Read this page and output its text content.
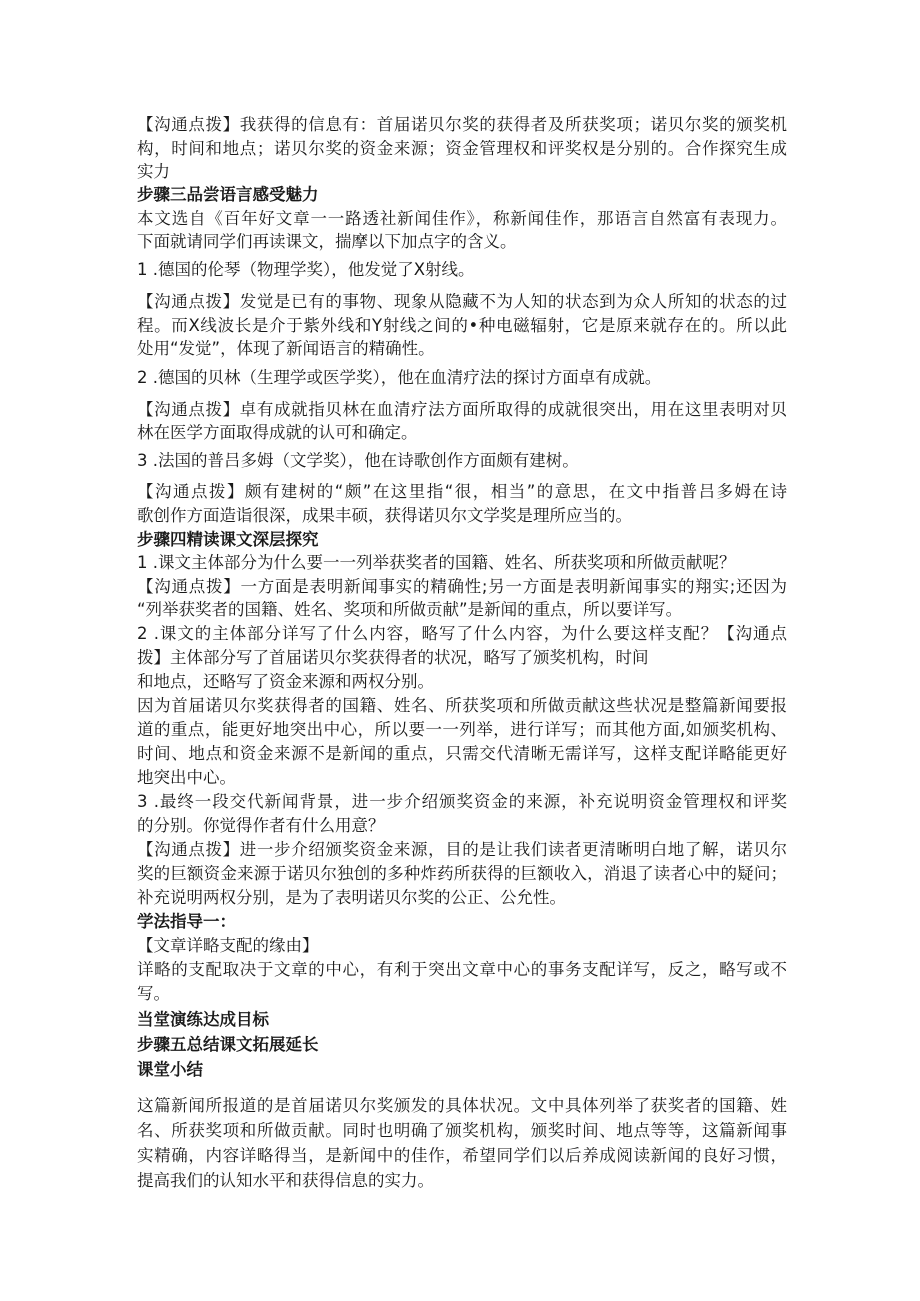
【沟通点拨】我获得的信息有：首届诺贝尔奖的获得者及所获奖项；诺贝尔奖的颁奖机
构，时间和地点；诺贝尔奖的资金来源；资金管理权和评奖权是分别的。合作探究生成
实力
步骤三品尝语言感受魅力
本文选自《百年好文章一一路透社新闻佳作》，称新闻佳作，那语言自然富有表现力。
下面就请同学们再读课文，揣摩以下加点字的含义。
1 .德国的伦琴（物理学奖），他发觉了X射线。
【沟通点拨】发觉是已有的事物、现象从隐藏不为人知的状态到为众人所知的状态的过
程。而X线波长是介于紫外线和Y射线之间的•种电磁辐射，它是原来就存在的。所以此
处用“发觉”，体现了新闻语言的精确性。
2 .德国的贝林（生理学或医学奖），他在血清疗法的探讨方面卓有成就。
【沟通点拨】卓有成就指贝林在血清疗法方面所取得的成就很突出，用在这里表明对贝
林在医学方面取得成就的认可和确定。
3 .法国的普吕多姆（文学奖），他在诗歌创作方面颇有建树。
【沟通点拨】颇有建树的“颇”在这里指“很，相当”的意思，在文中指普吕多姆在诗
歌创作方面造诣很深，成果丰硕，获得诺贝尔文学奖是理所应当的。
步骤四精读课文深层探究
1 .课文主体部分为什么要一一列举获奖者的国籍、姓名、所获奖项和所做贡献呢？
【沟通点拨】一方面是表明新闻事实的精确性;另一方面是表明新闻事实的翔实;还因为
“列举获奖者的国籍、姓名、奖项和所做贡献”是新闻的重点，所以要详写。
2 .课文的主体部分详写了什么内容，略写了什么内容，为什么要这样支配？【沟通点
拨】主体部分写了首届诺贝尔奖获得者的状况，略写了颁奖机构，时间
和地点，还略写了资金来源和两权分别。
因为首届诺贝尔奖获得者的国籍、姓名、所获奖项和所做贡献这些状况是整篇新闻要报
道的重点，能更好地突出中心，所以要一一列举，进行详写；而其他方面,如颁奖机构、
时间、地点和资金来源不是新闻的重点，只需交代清晰无需详写，这样支配详略能更好
地突出中心。
3 .最终一段交代新闻背景，进一步介绍颁奖资金的来源，补充说明资金管理权和评奖
的分别。你觉得作者有什么用意？
【沟通点拨】进一步介绍颁奖资金来源，目的是让我们读者更清晰明白地了解，诺贝尔
奖的巨额资金来源于诺贝尔独创的多种炸药所获得的巨额收入，消退了读者心中的疑问；
补充说明两权分别，是为了表明诺贝尔奖的公正、公允性。
学法指导一：
【文章详略支配的缘由】
详略的支配取决于文章的中心，有利于突出文章中心的事务支配详写，反之，略写或不
写。
当堂演练达成目标
步骤五总结课文拓展延长
课堂小结
这篇新闻所报道的是首届诺贝尔奖颁发的具体状况。文中具体列举了获奖者的国籍、姓
名、所获奖项和所做贡献。同时也明确了颁奖机构，颁奖时间、地点等等，这篇新闻事
实精确，内容详略得当，是新闻中的佳作，希望同学们以后养成阅读新闻的良好习惯，
提高我们的认知水平和获得信息的实力。
